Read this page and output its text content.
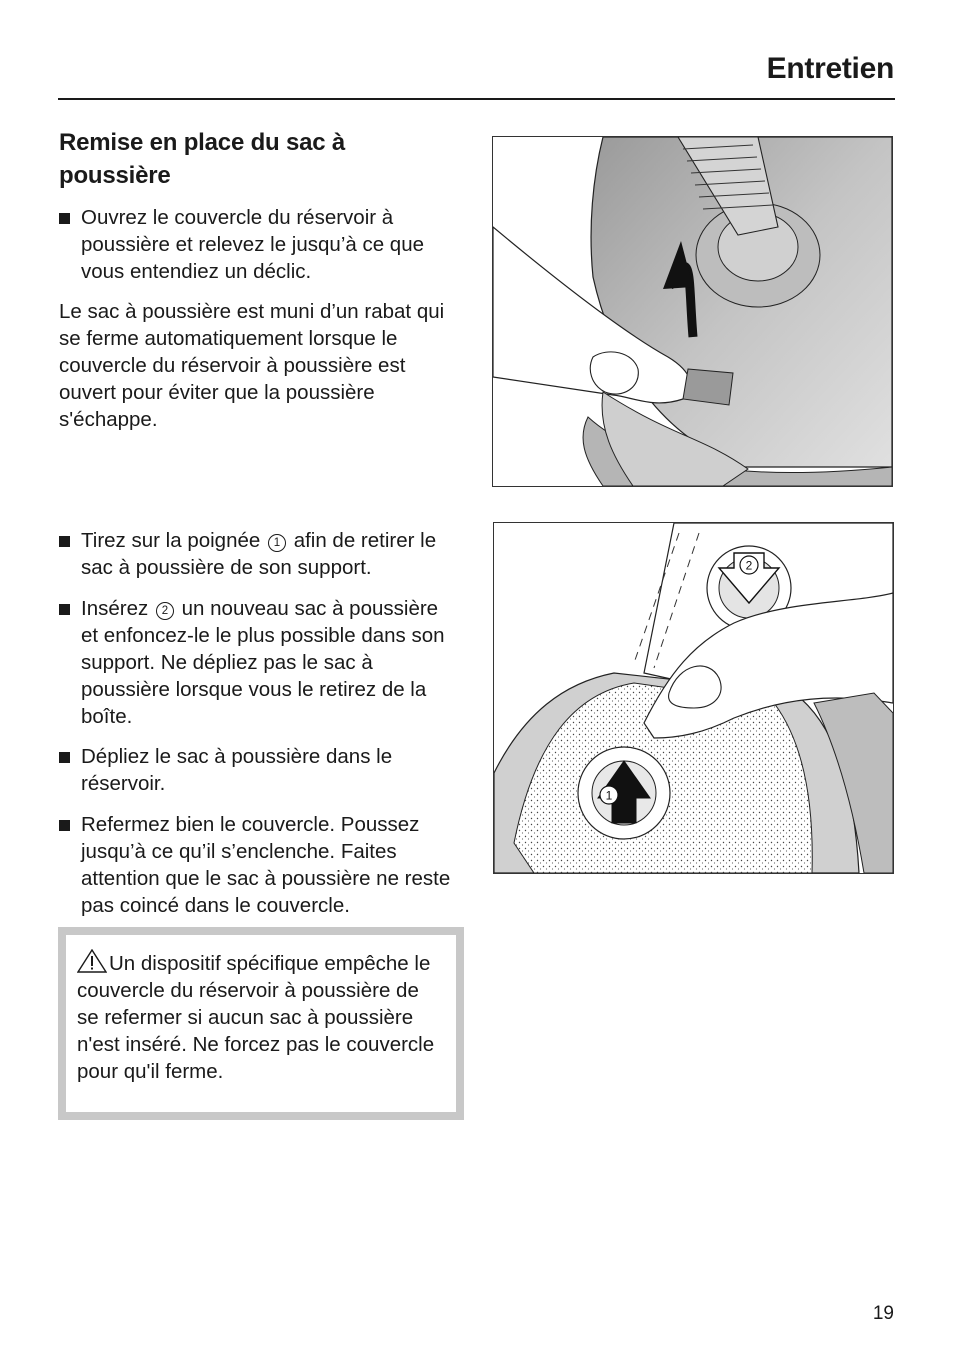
Entretien
Remise en place du sac à poussière
Ouvrez le couvercle du réservoir à poussière et relevez le jusqu’à ce que vous entendiez un déclic.
Le sac à poussière est muni d’un rabat qui se ferme automatiquement lorsque le couvercle du réservoir à poussière est ouvert pour éviter que la poussière s'échappe.
Tirez sur la poignée 1 afin de retirer le sac à poussière de son support.
Insérez 2 un nouveau sac à poussière et enfoncez-le le plus possible dans son support. Ne dépliez pas le sac à poussière lorsque vous le retirez de la boîte.
Dépliez le sac à poussière dans le réservoir.
Refermez bien le couvercle. Poussez jusqu’à ce qu’il s’enclenche. Faites attention que le sac à poussière ne reste pas coincé dans le couvercle.
Un dispositif spécifique empêche le couvercle du réservoir à poussière de se refermer si aucun sac à poussière n'est inséré. Ne forcez pas le couvercle pour qu'il ferme.
2
1
19
